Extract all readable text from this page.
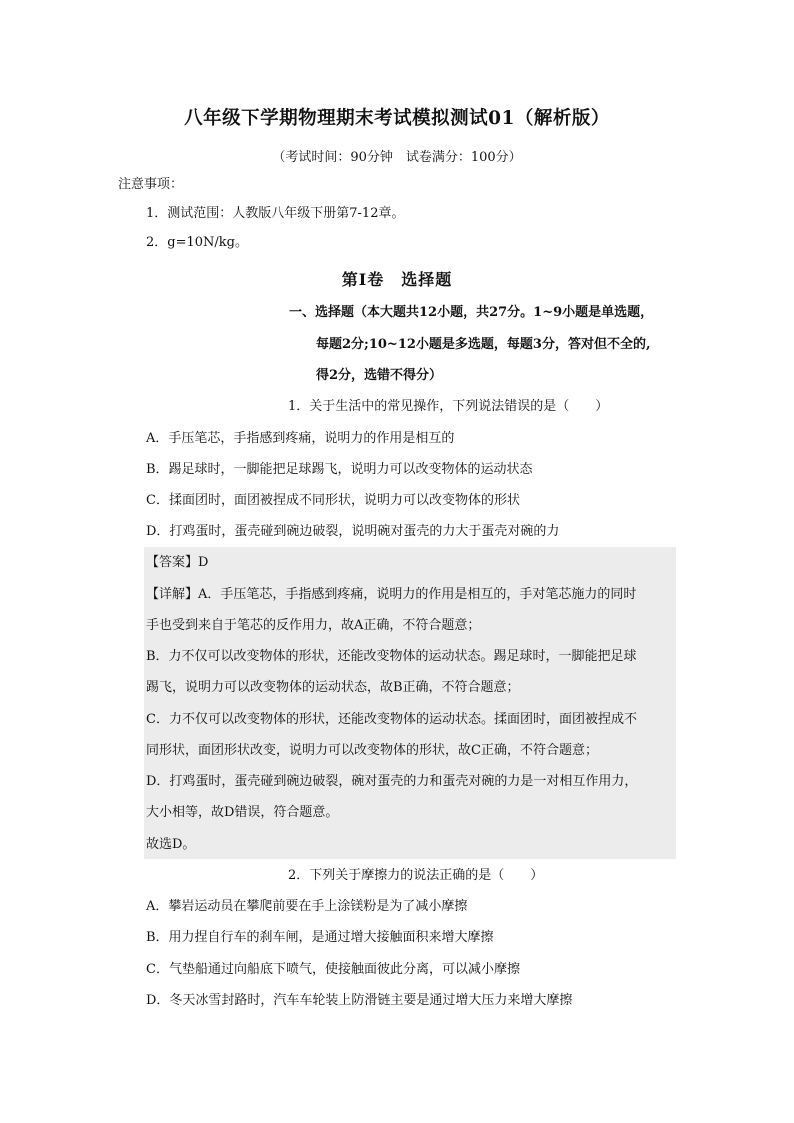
八年级下学期物理期末考试模拟测试01（解析版）
（考试时间：90分钟　试卷满分：100分）
注意事项：
1．测试范围：人教版八年级下册第7-12章。
2．g=10N/kg。
第Ⅰ卷　选择题
一、选择题（本大题共12小题，共27分。1~9小题是单选题，
每题2分;10~12小题是多选题，每题3分，答对但不全的,
得2分，选错不得分）
1．关于生活中的常见操作，下列说法错误的是（　　）
A．手压笔芯，手指感到疼痛，说明力的作用是相互的
B．踢足球时，一脚能把足球踢飞，说明力可以改变物体的运动状态
C．揉面团时，面团被捏成不同形状，说明力可以改变物体的形状
D．打鸡蛋时，蛋壳碰到碗边破裂，说明碗对蛋壳的力大于蛋壳对碗的力
【答案】D
【详解】A．手压笔芯，手指感到疼痛，说明力的作用是相互的，手对笔芯施力的同时
手也受到来自于笔芯的反作用力，故A正确，不符合题意；
B．力不仅可以改变物体的形状，还能改变物体的运动状态。踢足球时，一脚能把足球
踢飞，说明力可以改变物体的运动状态，故B正确，不符合题意；
C．力不仅可以改变物体的形状，还能改变物体的运动状态。揉面团时，面团被捏成不
同形状，面团形状改变，说明力可以改变物体的形状，故C正确，不符合题意；
D．打鸡蛋时，蛋壳碰到碗边破裂，碗对蛋壳的力和蛋壳对碗的力是一对相互作用力，
大小相等，故D错误，符合题意。
故选D。
2．下列关于摩擦力的说法正确的是（　　）
A．攀岩运动员在攀爬前要在手上涂镁粉是为了减小摩擦
B．用力捏自行车的刹车闸，是通过增大接触面积来增大摩擦
C．气垫船通过向船底下喷气，使接触面彼此分离，可以减小摩擦
D．冬天冰雪封路时，汽车车轮装上防滑链主要是通过增大压力来增大摩擦
